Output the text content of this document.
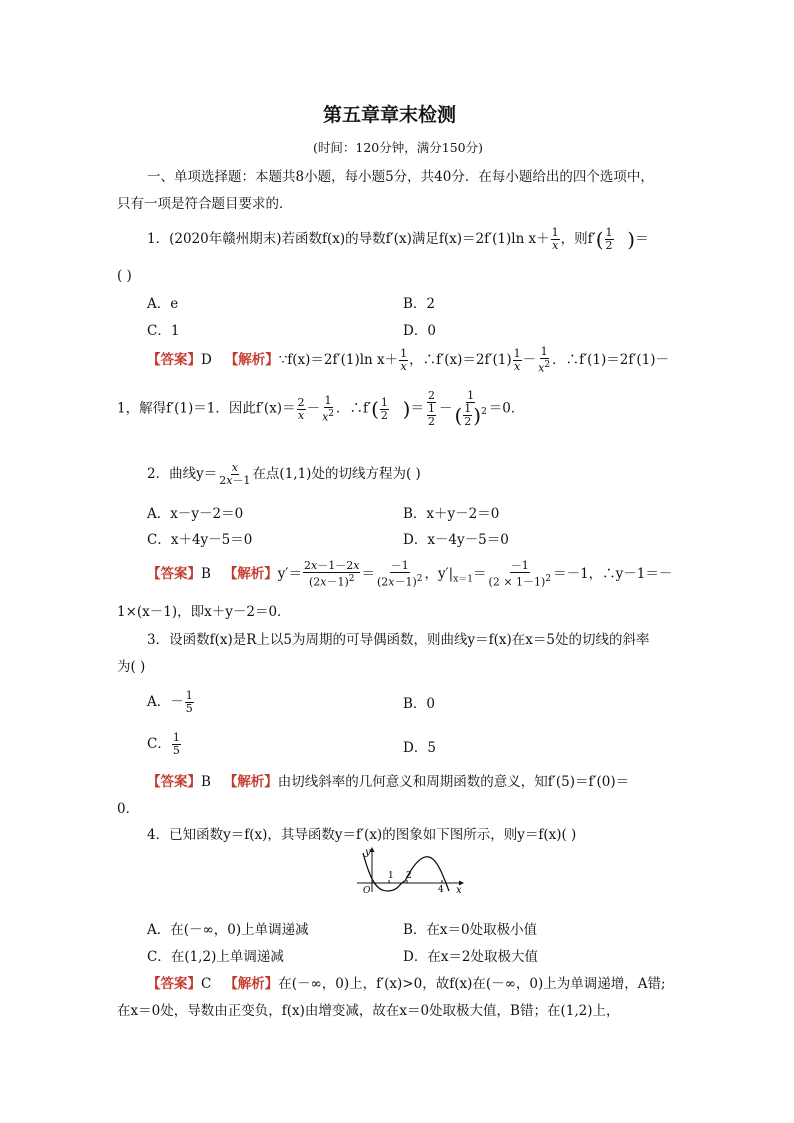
第五章章末检测
(时间：120分钟，满分150分)
一、单项选择题：本题共8小题，每小题5分，共40分．在每小题给出的四个选项中，
只有一项是符合题目要求的．
1．(2020年赣州期末)若函数f(x)的导数f′(x)满足f(x)＝2f′(1)ln $x+ \frac{1}{x}$ ，则$f'( \frac{1}{2}$ )＝
( )
A．e	B．2
C．1	D．0
【答案】D 【解析】∵f(x)＝2f′(1)ln $x+ \frac{1}{x}$ ，∴f′(x)＝2f′(1) $\frac{1}{x} - \frac{1}{x^2}$ ．∴f′(1)＝2f′(1)－
1，解得f′(1)＝1．因此$f'(x)= \frac{2}{x} - \frac{1}{x^2}$ ．∴f′( $\frac{1}{2}$ )＝ $\frac{2}{\frac{1}{2}} - \frac{1}{( \frac{1}{2} )^2} =0$．
2．曲线$y= \frac{x}{2x-1}$ 在点(1,1)处的切线方程为( )
A．x－y－2＝0	B．x＋y－2＝0
C．x＋4y－5＝0	D．x－4y－5＝0
【答案】B 【解析】$y'= \frac{2x-1-2x}{(2x-1)^2} = \frac{-1}{(2x-1)^2}$ ，$y'|_{x=1}= \frac{-1}{(2 \times 1-1)^2} =-1$，∴y－1＝－
1×(x－1)，即x＋y－2＝0．
3．设函数f(x)是R上以5为周期的可导偶函数，则曲线y＝f(x)在x＝5处的切线的斜率
为( )
A．－ $\frac{1}{5}$	B．0
C． $\frac{1}{5}$	D．5
【答案】B 【解析】由切线斜率的几何意义和周期函数的意义，知f′(5)＝f′(0)＝
0．
4．已知函数y＝f(x)，其导函数y＝f′(x)的图象如下图所示，则y＝f(x)( )
y
x
O
1 2
4
A．在(－∞，0)上单调递减	B．在x＝0处取极小值
C．在(1,2)上单调递减	D．在x＝2处取极大值
【答案】C 【解析】在(－∞，0)上，f′(x)>0，故f(x)在(－∞，0)上为单调递增，A错;
在x＝0处，导数由正变负，f(x)由增变减，故在x＝0处取极大值，B错；在(1,2)上，
